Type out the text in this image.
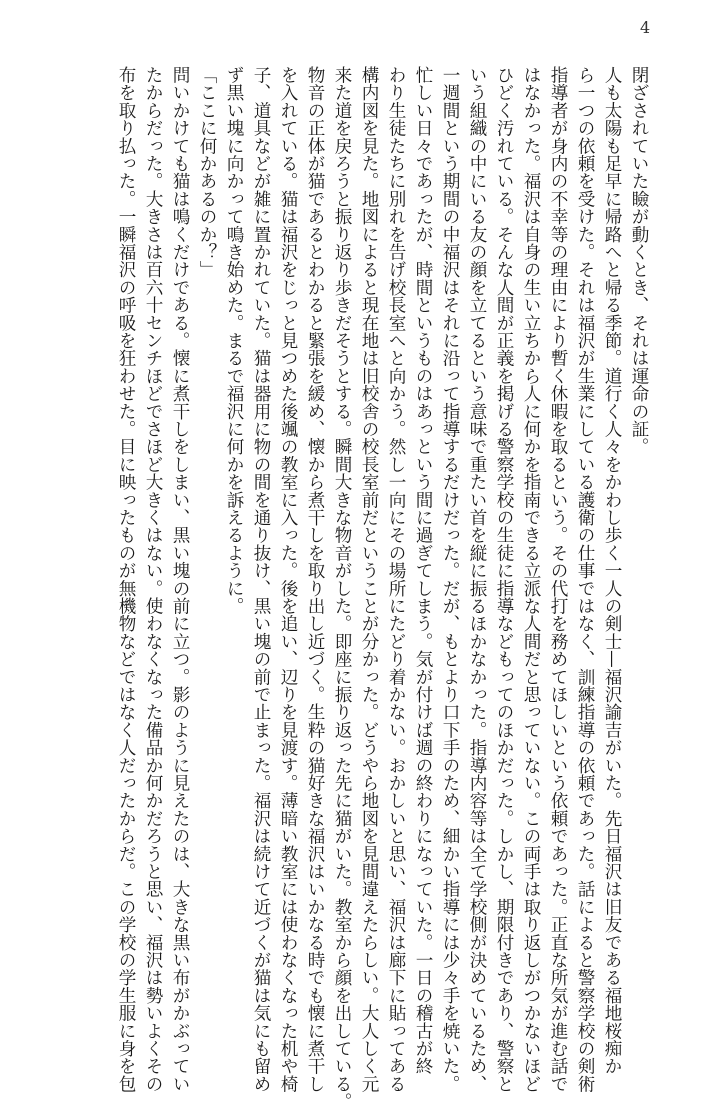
4
閉ざされていた瞼が動くとき、それは運命の証。
人も太陽も足早に帰路へと帰る季節。道行く人々をかわし歩く一人の剣士—福沢諭吉がいた。先日福沢は旧友である福地桜痴か
ら一つの依頼を受けた。それは福沢が生業にしている護衛の仕事ではなく、訓練指導の依頼であった。話によると警察学校の剣術
指導者が身内の不幸等の理由により暫く休暇を取るという。その代打を務めてほしいという依頼であった。正直な所気が進む話で
はなかった。福沢は自身の生い立ちから人に何かを指南できる立派な人間だと思っていない。この両手は取り返しがつかないほど
ひどく汚れている。そんな人間が正義を掲げる警察学校の生徒に指導などもってのほかだった。しかし、期限付きであり、警察と
いう組織の中にいる友の顔を立てるという意味で重たい首を縦に振るほかなかった。指導内容等は全て学校側が決めているため、
一週間という期間の中福沢はそれに沿って指導するだけだった。だが、もとより口下手のため、細かい指導には少々手を焼いた。
忙しい日々であったが、時間というものはあっという間に過ぎてしまう。気が付けば週の終わりになっていた。一日の稽古が終
わり生徒たちに別れを告げ校長室へと向かう。然し一向にその場所にたどり着かない。おかしいと思い、福沢は廊下に貼ってある
構内図を見た。地図によると現在地は旧校舎の校長室前だということが分かった。どうやら地図を見間違えたらしい。大人しく元
来た道を戻ろうと振り返り歩きだそうとする。瞬間大きな物音がした。即座に振り返った先に猫がいた。教室から顔を出している。
物音の正体が猫であるとわかると緊張を緩め、懐から煮干しを取り出し近づく。生粋の猫好きな福沢はいかなる時でも懐に煮干し
を入れている。猫は福沢をじっと見つめた後颯の教室に入った。後を追い、辺りを見渡す。薄暗い教室には使わなくなった机や椅
子、道具などが雑に置かれていた。猫は器用に物の間を通り抜け、黒い塊の前で止まった。福沢は続けて近づくが猫は気にも留め
ず黒い塊に向かって鳴き始めた。まるで福沢に何かを訴えるように。
「ここに何かあるのか？」
問いかけても猫は鳴くだけである。懐に煮干しをしまい、黒い塊の前に立つ。影のように見えたのは、大きな黒い布がかぶってい
たからだった。大きさは百六十センチほどでさほど大きくはない。使わなくなった備品か何かだろうと思い、福沢は勢いよくその
布を取り払った。一瞬福沢の呼吸を狂わせた。目に映ったものが無機物などではなく人だったからだ。この学校の学生服に身を包
